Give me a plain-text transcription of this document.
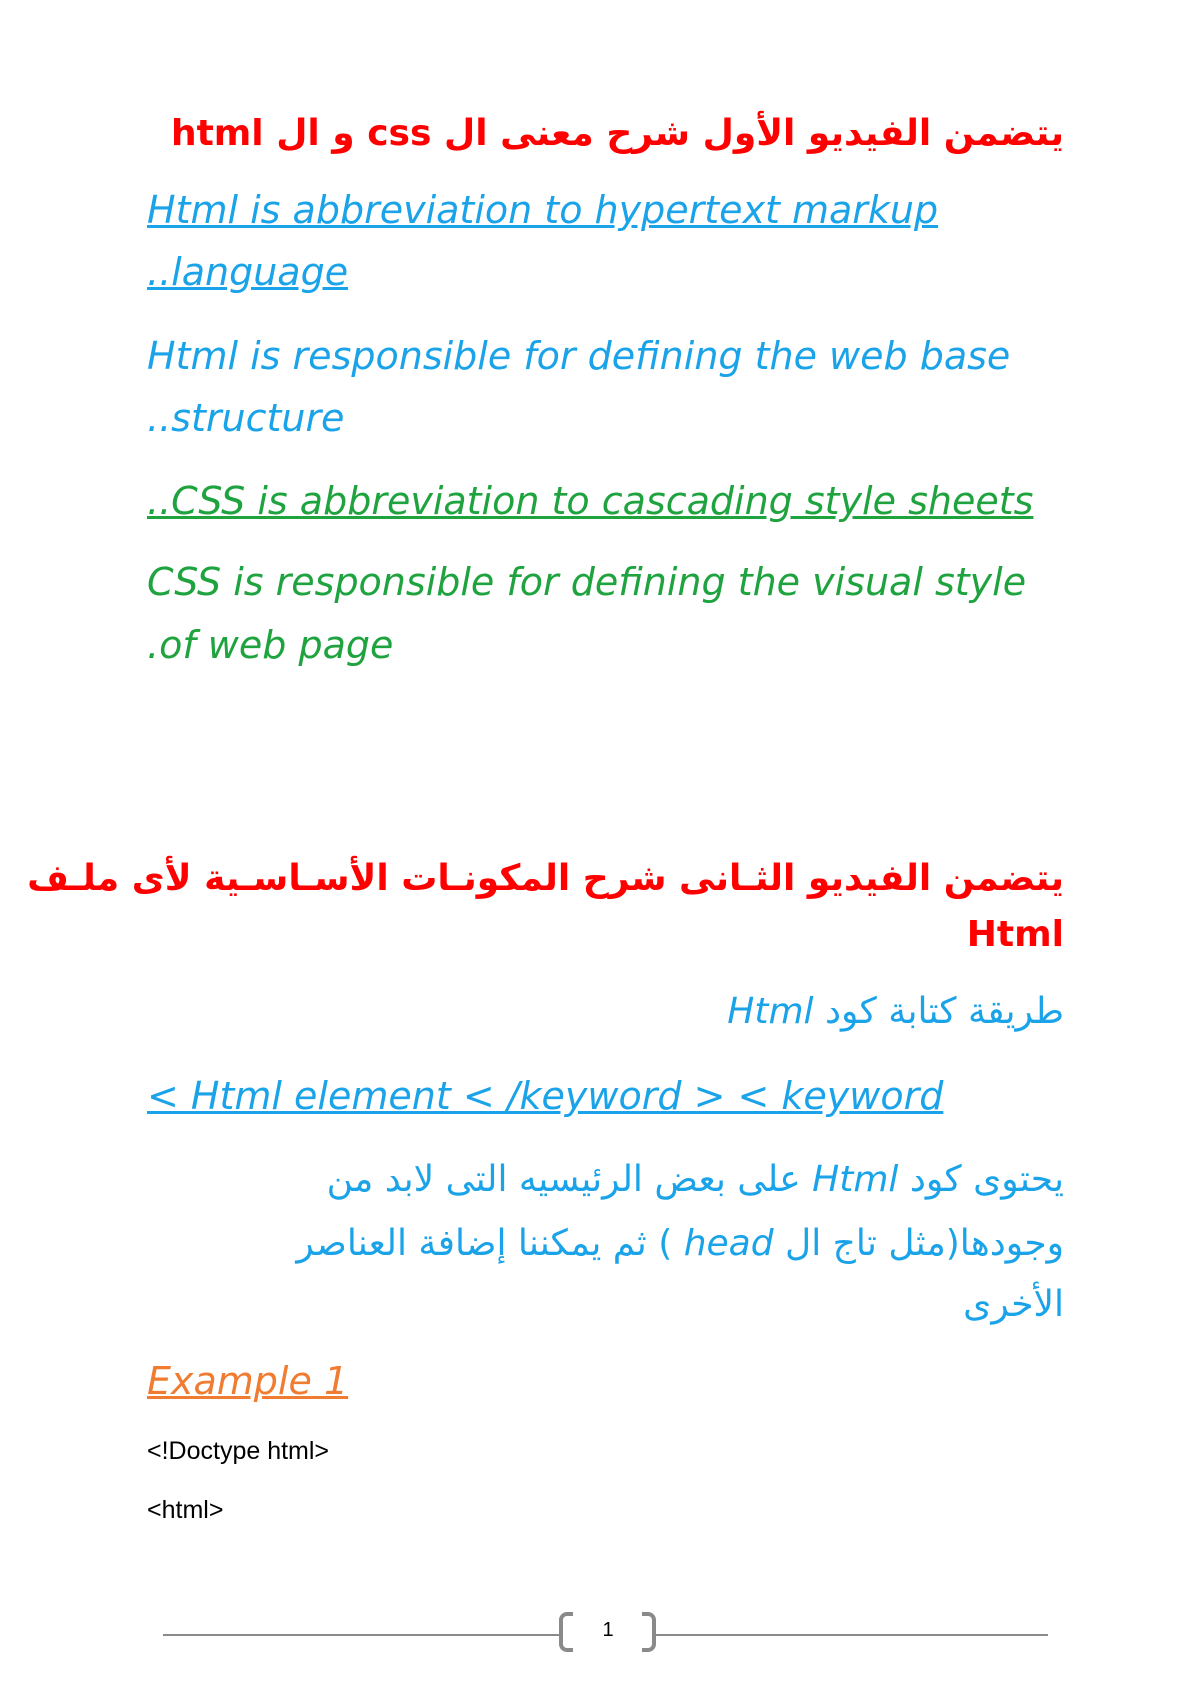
يتضمن الفيديو الأول شرح معنى ال css و ال html
Html is abbreviation to hypertext markup
..language
Html is responsible for defining the web base
..structure
..CSS is abbreviation to cascading style sheets
CSS is responsible for defining the visual style
.of web page
يتضمن الفيديو الثـانى شرح المكونـات الأسـاسـية لأى ملـف
Html
طريقة كتابة كود Html
< Html element < /keyword > < keyword
يحتوى كود Html على بعض الرئيسيه التى لابد من
وجودها(مثل تاج ال head ) ثم يمكننا إضافة العناصر
الأخرى
Example 1
<!Doctype html>
<html>
1
